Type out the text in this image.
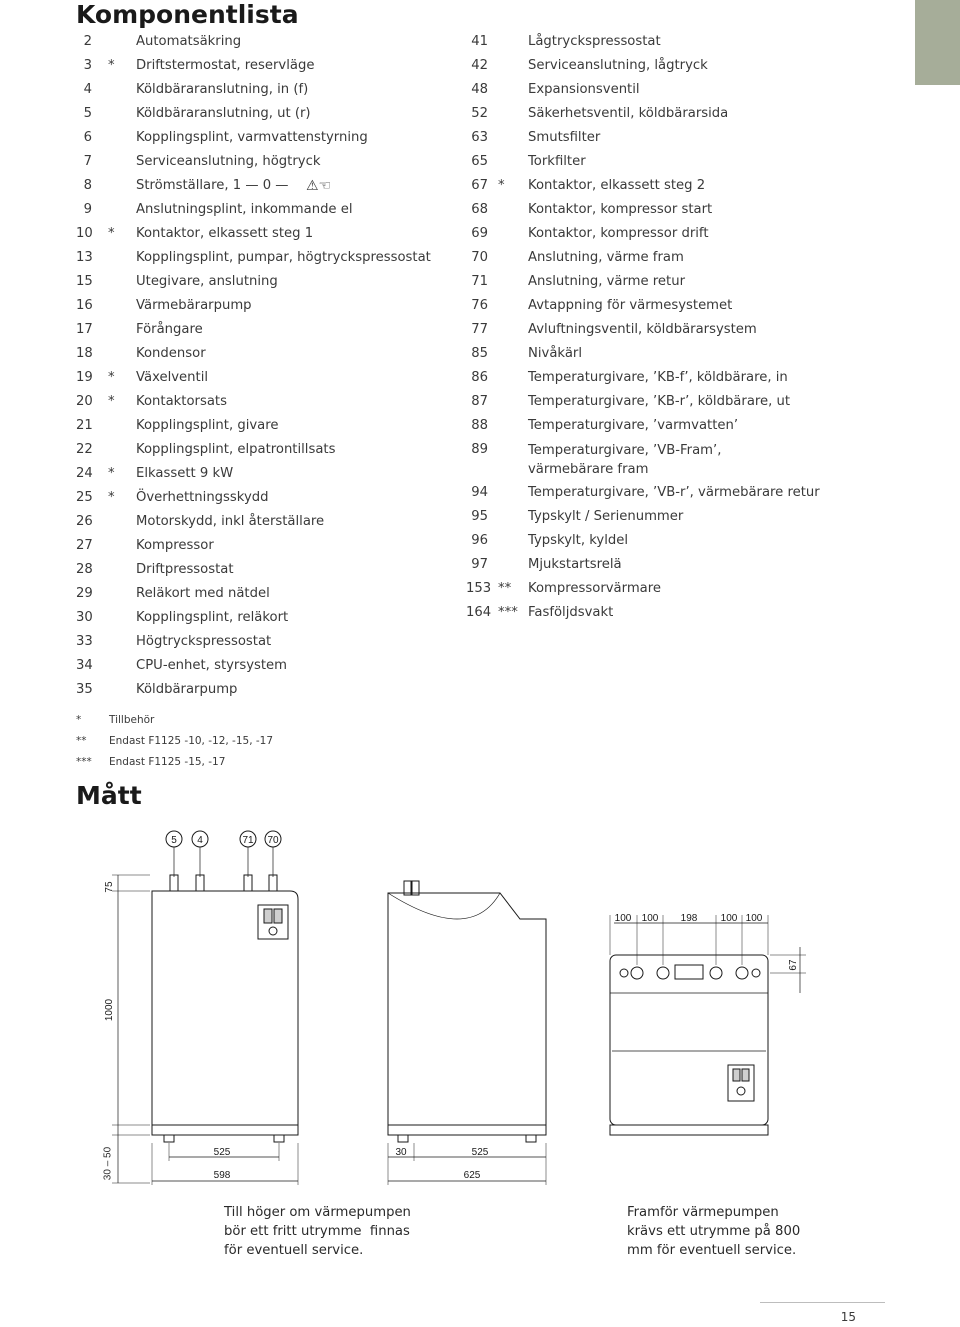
Komponentlista
2	Automatsäkring
3 * Driftstermostat, reservläge
4	Köldbäraranslutning, in (f)
5	Köldbäraranslutning, ut (r)
6	Kopplingsplint, varmvattenstyrning
7	Serviceanslutning, högtryck
8	Strömställare, 1 — 0 — ⚠☜
9	Anslutningsplint, inkommande el
10 * Kontaktor, elkassett steg 1
13	Kopplingsplint, pumpar, högtryckspressostat
15	Utegivare, anslutning
16	Värmebärarpump
17	Förångare
18	Kondensor
19 * Växelventil
20 * Kontaktorsats
21	Kopplingsplint, givare
22	Kopplingsplint, elpatrontillsats
24 * Elkassett 9 kW
25 * Överhettningsskydd
26	Motorskydd, inkl återställare
27	Kompressor
28	Driftpressostat
29	Reläkort med nätdel
30	Kopplingsplint, reläkort
33	Högtryckspressostat
34	CPU-enhet, styrsystem
35	Köldbärarpump
41	Lågtryckspressostat
42	Serviceanslutning, lågtryck
48	Expansionsventil
52	Säkerhetsventil, köldbärarsida
63	Smutsfilter
65	Torkfilter
67 * Kontaktor, elkassett steg 2
68	Kontaktor, kompressor start
69	Kontaktor, kompressor drift
70	Anslutning, värme fram
71	Anslutning, värme retur
76	Avtappning för värmesystemet
77	Avluftningsventil, köldbärarsystem
85	Nivåkärl
86	Temperaturgivare, ’KB-f’, köldbärare, in
87	Temperaturgivare, ’KB-r’, köldbärare, ut
88	Temperaturgivare, ’varmvatten’
89	Temperaturgivare, ’VB-Fram’, värmebärare fram
94	Temperaturgivare, ’VB-r’, värmebärare retur
95	Typskylt / Serienummer
96	Typskylt, kyldel
97	Mjukstartsrelä
153 ** Kompressorvärmare
164 *** Fasföljdsvakt
*	Tillbehör
** Endast F1125 -10, -12, -15, -17
*** Endast F1125 -15, -17
Mått
5 4	71 70
75
1000
525
598
30	525
625
100 100 198 100 100
67
30 – 50
Till höger om värmepumpen
bör ett fritt utrymme  finnas
för eventuell service.
Framför värmepumpen
krävs ett utrymme på 800
mm för eventuell service.
15
